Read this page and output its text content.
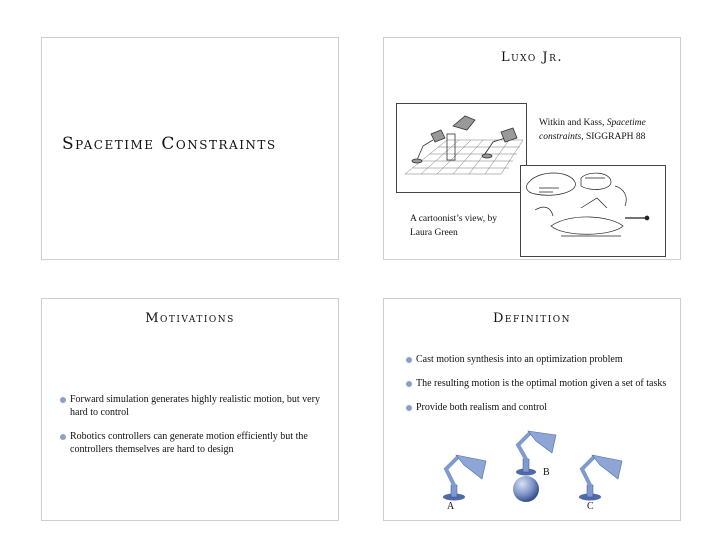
Spacetime Constraints
Luxo Jr.
Witkin and Kass, Spacetime constraints, SIGGRAPH 88
A cartoonist’s view, by Laura Green
Motivations
Forward simulation generates highly realistic motion, but very hard to control
Robotics controllers can generate motion efficiently but the controllers themselves are hard to design
Definition
Cast motion synthesis into an optimization problem
The resulting motion is the optimal motion given a set of tasks
Provide both realism and control
A
B
C
